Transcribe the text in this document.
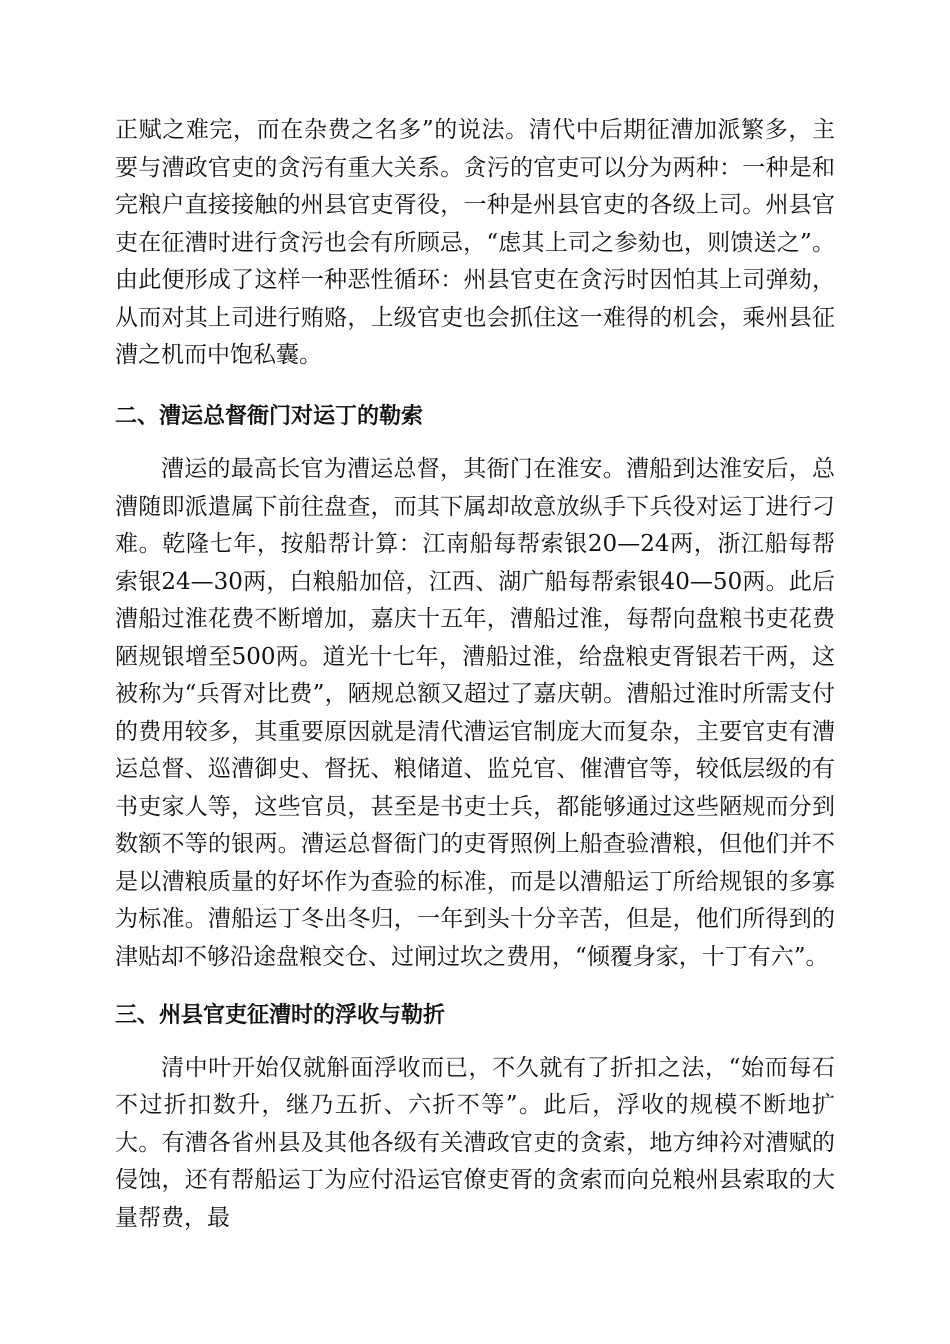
正赋之难完，而在杂费之名多”的说法。清代中后期征漕加派繁多，主要与漕政官吏的贪污有重大关系。贪污的官吏可以分为两种：一种是和完粮户直接接触的州县官吏胥役，一种是州县官吏的各级上司。州县官吏在征漕时进行贪污也会有所顾忌，“虑其上司之参劾也，则馈送之”。由此便形成了这样一种恶性循环：州县官吏在贪污时因怕其上司弹劾，从而对其上司进行贿赂，上级官吏也会抓住这一难得的机会，乘州县征漕之机而中饱私囊。

二、漕运总督衙门对运丁的勒索

漕运的最高长官为漕运总督，其衙门在淮安。漕船到达淮安后，总漕随即派遣属下前往盘查，而其下属却故意放纵手下兵役对运丁进行刁难。乾隆七年，按船帮计算：江南船每帮索银20—24两，浙江船每帮索银24—30两，白粮船加倍，江西、湖广船每帮索银40—50两。此后漕船过淮花费不断增加，嘉庆十五年，漕船过淮，每帮向盘粮书吏花费陋规银增至500两。道光十七年，漕船过淮，给盘粮吏胥银若干两，这被称为“兵胥对比费”，陋规总额又超过了嘉庆朝。漕船过淮时所需支付的费用较多，其重要原因就是清代漕运官制庞大而复杂，主要官吏有漕运总督、巡漕御史、督抚、粮储道、监兑官、催漕官等，较低层级的有书吏家人等，这些官员，甚至是书吏士兵，都能够通过这些陋规而分到数额不等的银两。漕运总督衙门的吏胥照例上船查验漕粮，但他们并不是以漕粮质量的好坏作为查验的标准，而是以漕船运丁所给规银的多寡为标准。漕船运丁冬出冬归，一年到头十分辛苦，但是，他们所得到的津贴却不够沿途盘粮交仓、过闸过坎之费用，“倾覆身家，十丁有六”。

三、州县官吏征漕时的浮收与勒折

清中叶开始仅就斛面浮收而已，不久就有了折扣之法，“始而每石不过折扣数升，继乃五折、六折不等”。此后，浮收的规模不断地扩大。有漕各省州县及其他各级有关漕政官吏的贪索，地方绅衿对漕赋的侵蚀，还有帮船运丁为应付沿运官僚吏胥的贪索而向兑粮州县索取的大量帮费，最
